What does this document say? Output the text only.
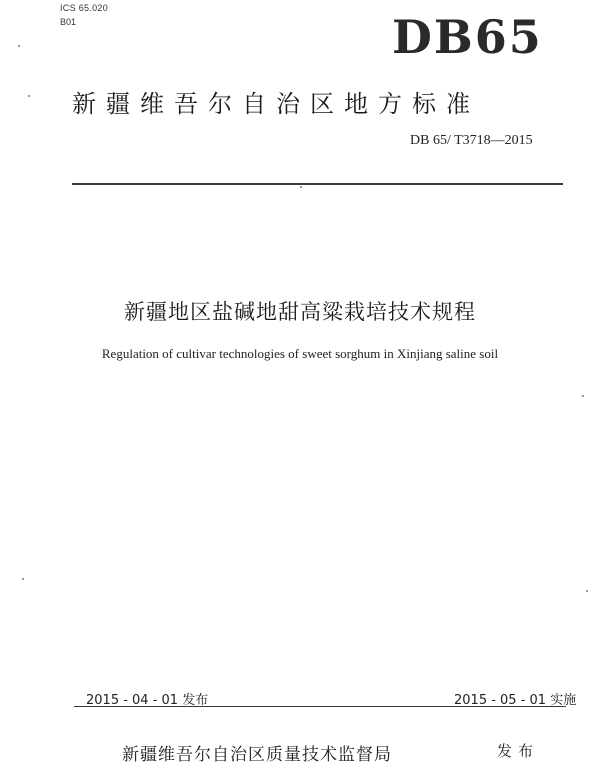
ICS 65.020
B01	DB65
新疆维吾尔自治区地方标准
DB 65/ T3718—2015
新疆地区盐碱地甜高粱栽培技术规程
Regulation of cultivar technologies of sweet sorghum in Xinjiang saline soil
2015 - 04 - 01 发布	2015 - 05 - 01 实施
新疆维吾尔自治区质量技术监督局	发布
